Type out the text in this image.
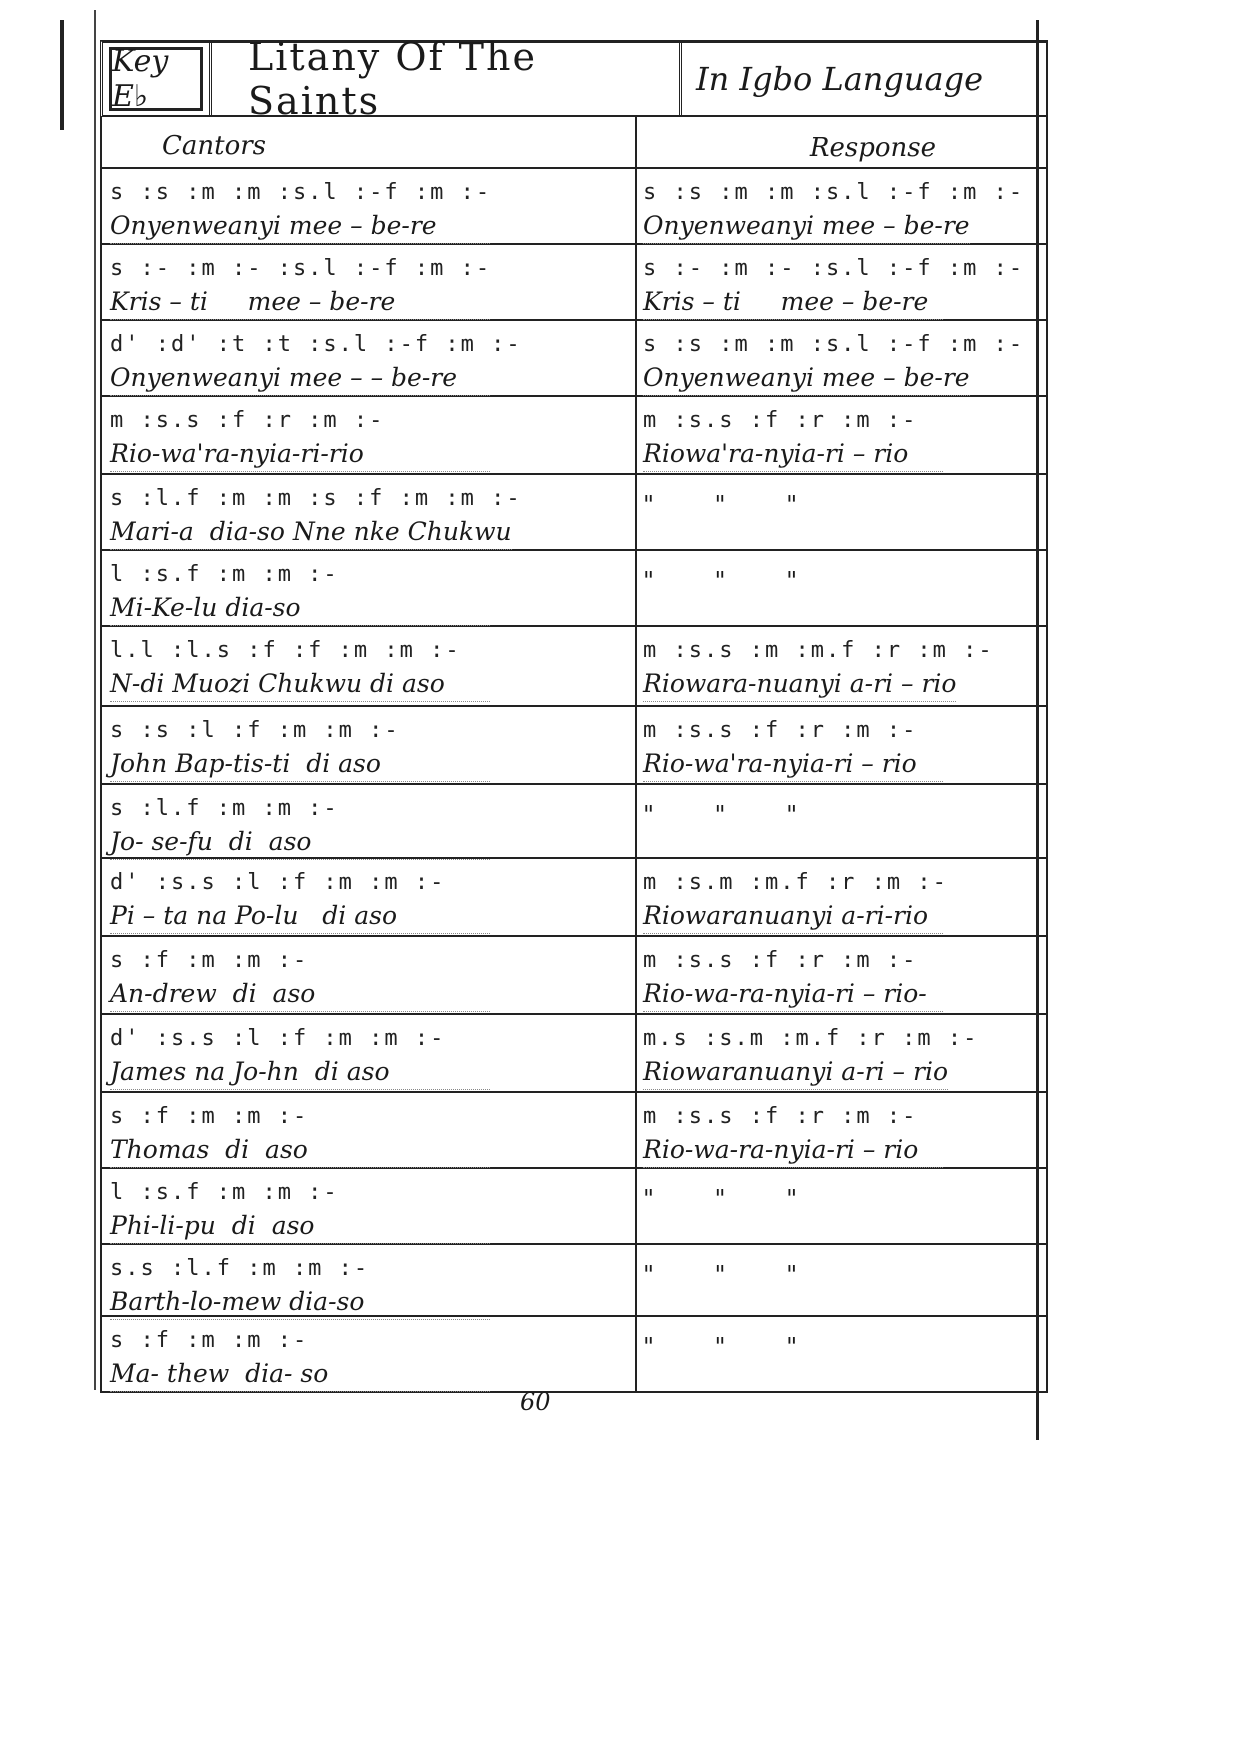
Key E♭
Litany Of The Saints	In Igbo Language
Cantors	Response
s :s :m :m :s.l :-f :m :-
Onyenweanyi mee – be-re
s :s :m :m :s.l :-f :m :-
Onyenweanyi mee – be-re
s :- :m :- :s.l :-f :m :-
Kris – ti     mee – be-re
s :- :m :- :s.l :-f :m :-
Kris – ti     mee – be-re
d' :d' :t :t :s.l :-f :m :-
Onyenweanyi mee – – be-re
s :s :m :m :s.l :-f :m :-
Onyenweanyi mee – be-re
m :s.s :f :r :m :-
Rio-wa'ra-nyia-ri-rio
m :s.s :f :r :m :-
Riowa'ra-nyia-ri – rio
s :l.f :m :m :s :f :m :m :-
Mari-a  dia-so Nne nke Chukwu
"    "    "
l :s.f :m :m :-
Mi-Ke-lu dia-so
"    "    "
l.l :l.s :f :f :m :m :-
N-di Muozi Chukwu di aso
m :s.s :m :m.f :r :m :-
Riowara-nuanyi a-ri – rio
s :s :l :f :m :m :-
John Bap-tis-ti  di aso
m :s.s :f :r :m :-
Rio-wa'ra-nyia-ri – rio
s :l.f :m :m :-
Jo- se-fu  di  aso
"    "    "
d' :s.s :l :f :m :m :-
Pi – ta na Po-lu   di aso
m :s.m :m.f :r :m :-
Riowaranuanyi a-ri-rio
s :f :m :m :-
An-drew  di  aso
m :s.s :f :r :m :-
Rio-wa-ra-nyia-ri – rio-
d' :s.s :l :f :m :m :-
James na Jo-hn  di aso
m.s :s.m :m.f :r :m :-
Riowaranuanyi a-ri – rio
s :f :m :m :-
Thomas  di  aso
m :s.s :f :r :m :-
Rio-wa-ra-nyia-ri – rio
l :s.f :m :m :-
Phi-li-pu  di  aso
"    "    "
s.s :l.f :m :m :-
Barth-lo-mew dia-so
"    "    "
s :f :m :m :-
Ma- thew  dia- so
"    "    "
60
